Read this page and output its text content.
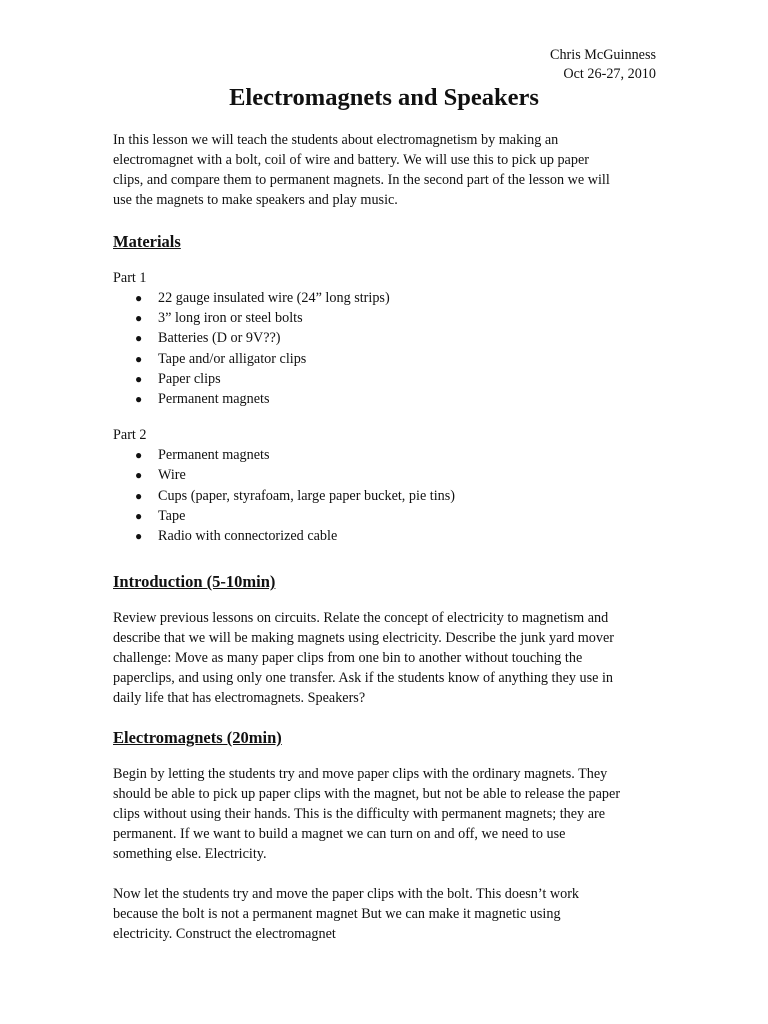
Chris McGuinness
Oct 26-27, 2010
Electromagnets and Speakers

In this lesson we will teach the students about electromagnetism by making an
electromagnet with a bolt, coil of wire and battery. We will use this to pick up paper
clips, and compare them to permanent magnets. In the second part of the lesson we will
use the magnets to make speakers and play music.

Materials

Part 1

● 22 gauge insulated wire (24” long strips)
● 3” long iron or steel bolts
● Batteries (D or 9V??)
● Tape and/or alligator clips
● Paper clips
● Permanent magnets

Part 2

● Permanent magnets
● Wire
● Cups (paper, styrafoam, large paper bucket, pie tins)
● Tape
● Radio with connectorized cable
Introduction (5-10min)

Review previous lessons on circuits. Relate the concept of electricity to magnetism and
describe that we will be making magnets using electricity. Describe the junk yard mover
challenge: Move as many paper clips from one bin to another without touching the
paperclips, and using only one transfer. Ask if the students know of anything they use in
daily life that has electromagnets. Speakers?

Electromagnets (20min)

Begin by letting the students try and move paper clips with the ordinary magnets. They
should be able to pick up paper clips with the magnet, but not be able to release the paper
clips without using their hands. This is the difficulty with permanent magnets; they are
permanent. If we want to build a magnet we can turn on and off, we need to use
something else. Electricity.

Now let the students try and move the paper clips with the bolt. This doesn’t work
because the bolt is not a permanent magnet But we can make it magnetic using
electricity. Construct the electromagnet
